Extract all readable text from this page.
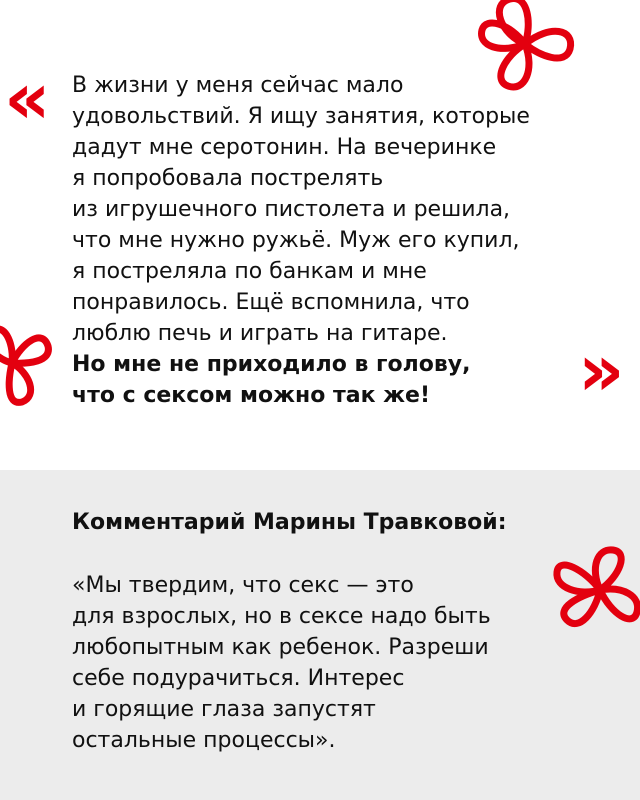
« В жизни у меня сейчас мало
удовольствий. Я ищу занятия, которые
дадут мне серотонин. На вечеринке
я попробовала пострелять
из игрушечного пистолета и решила,
что мне нужно ружьё. Муж его купил,
я постреляла по банкам и мне
понравилось. Ещё вспомнила, что
люблю печь и играть на гитаре.
Но мне не приходило в голову,
что с сексом можно так же!	»
Комментарий Марины Травковой:
«Мы твердим, что секс — это
для взрослых, но в сексе надо быть
любопытным как ребенок. Разреши
себе подурачиться. Интерес
и горящие глаза запустят
остальные процессы».
